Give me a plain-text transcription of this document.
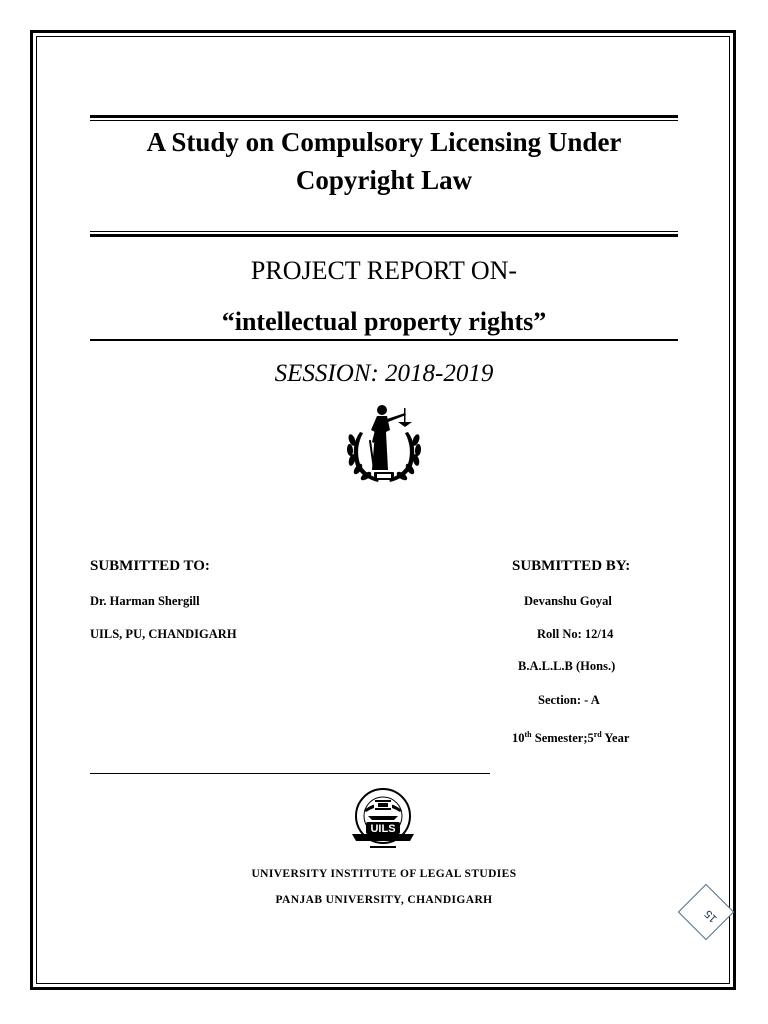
A Study on Compulsory Licensing Under
Copyright Law
PROJECT REPORT ON-
“intellectual property rights”
SESSION: 2018-2019
SUBMITTED TO:
Dr. Harman Shergill
UILS, PU, CHANDIGARH
SUBMITTED BY:
Devanshu Goyal
Roll No: 12/14
B.A.L.L.B (Hons.)
Section: - A
10th Semester;5rd Year
UILS
UNIVERSITY INSTITUTE OF LEGAL STUDIES
PANJAB UNIVERSITY, CHANDIGARH
15
